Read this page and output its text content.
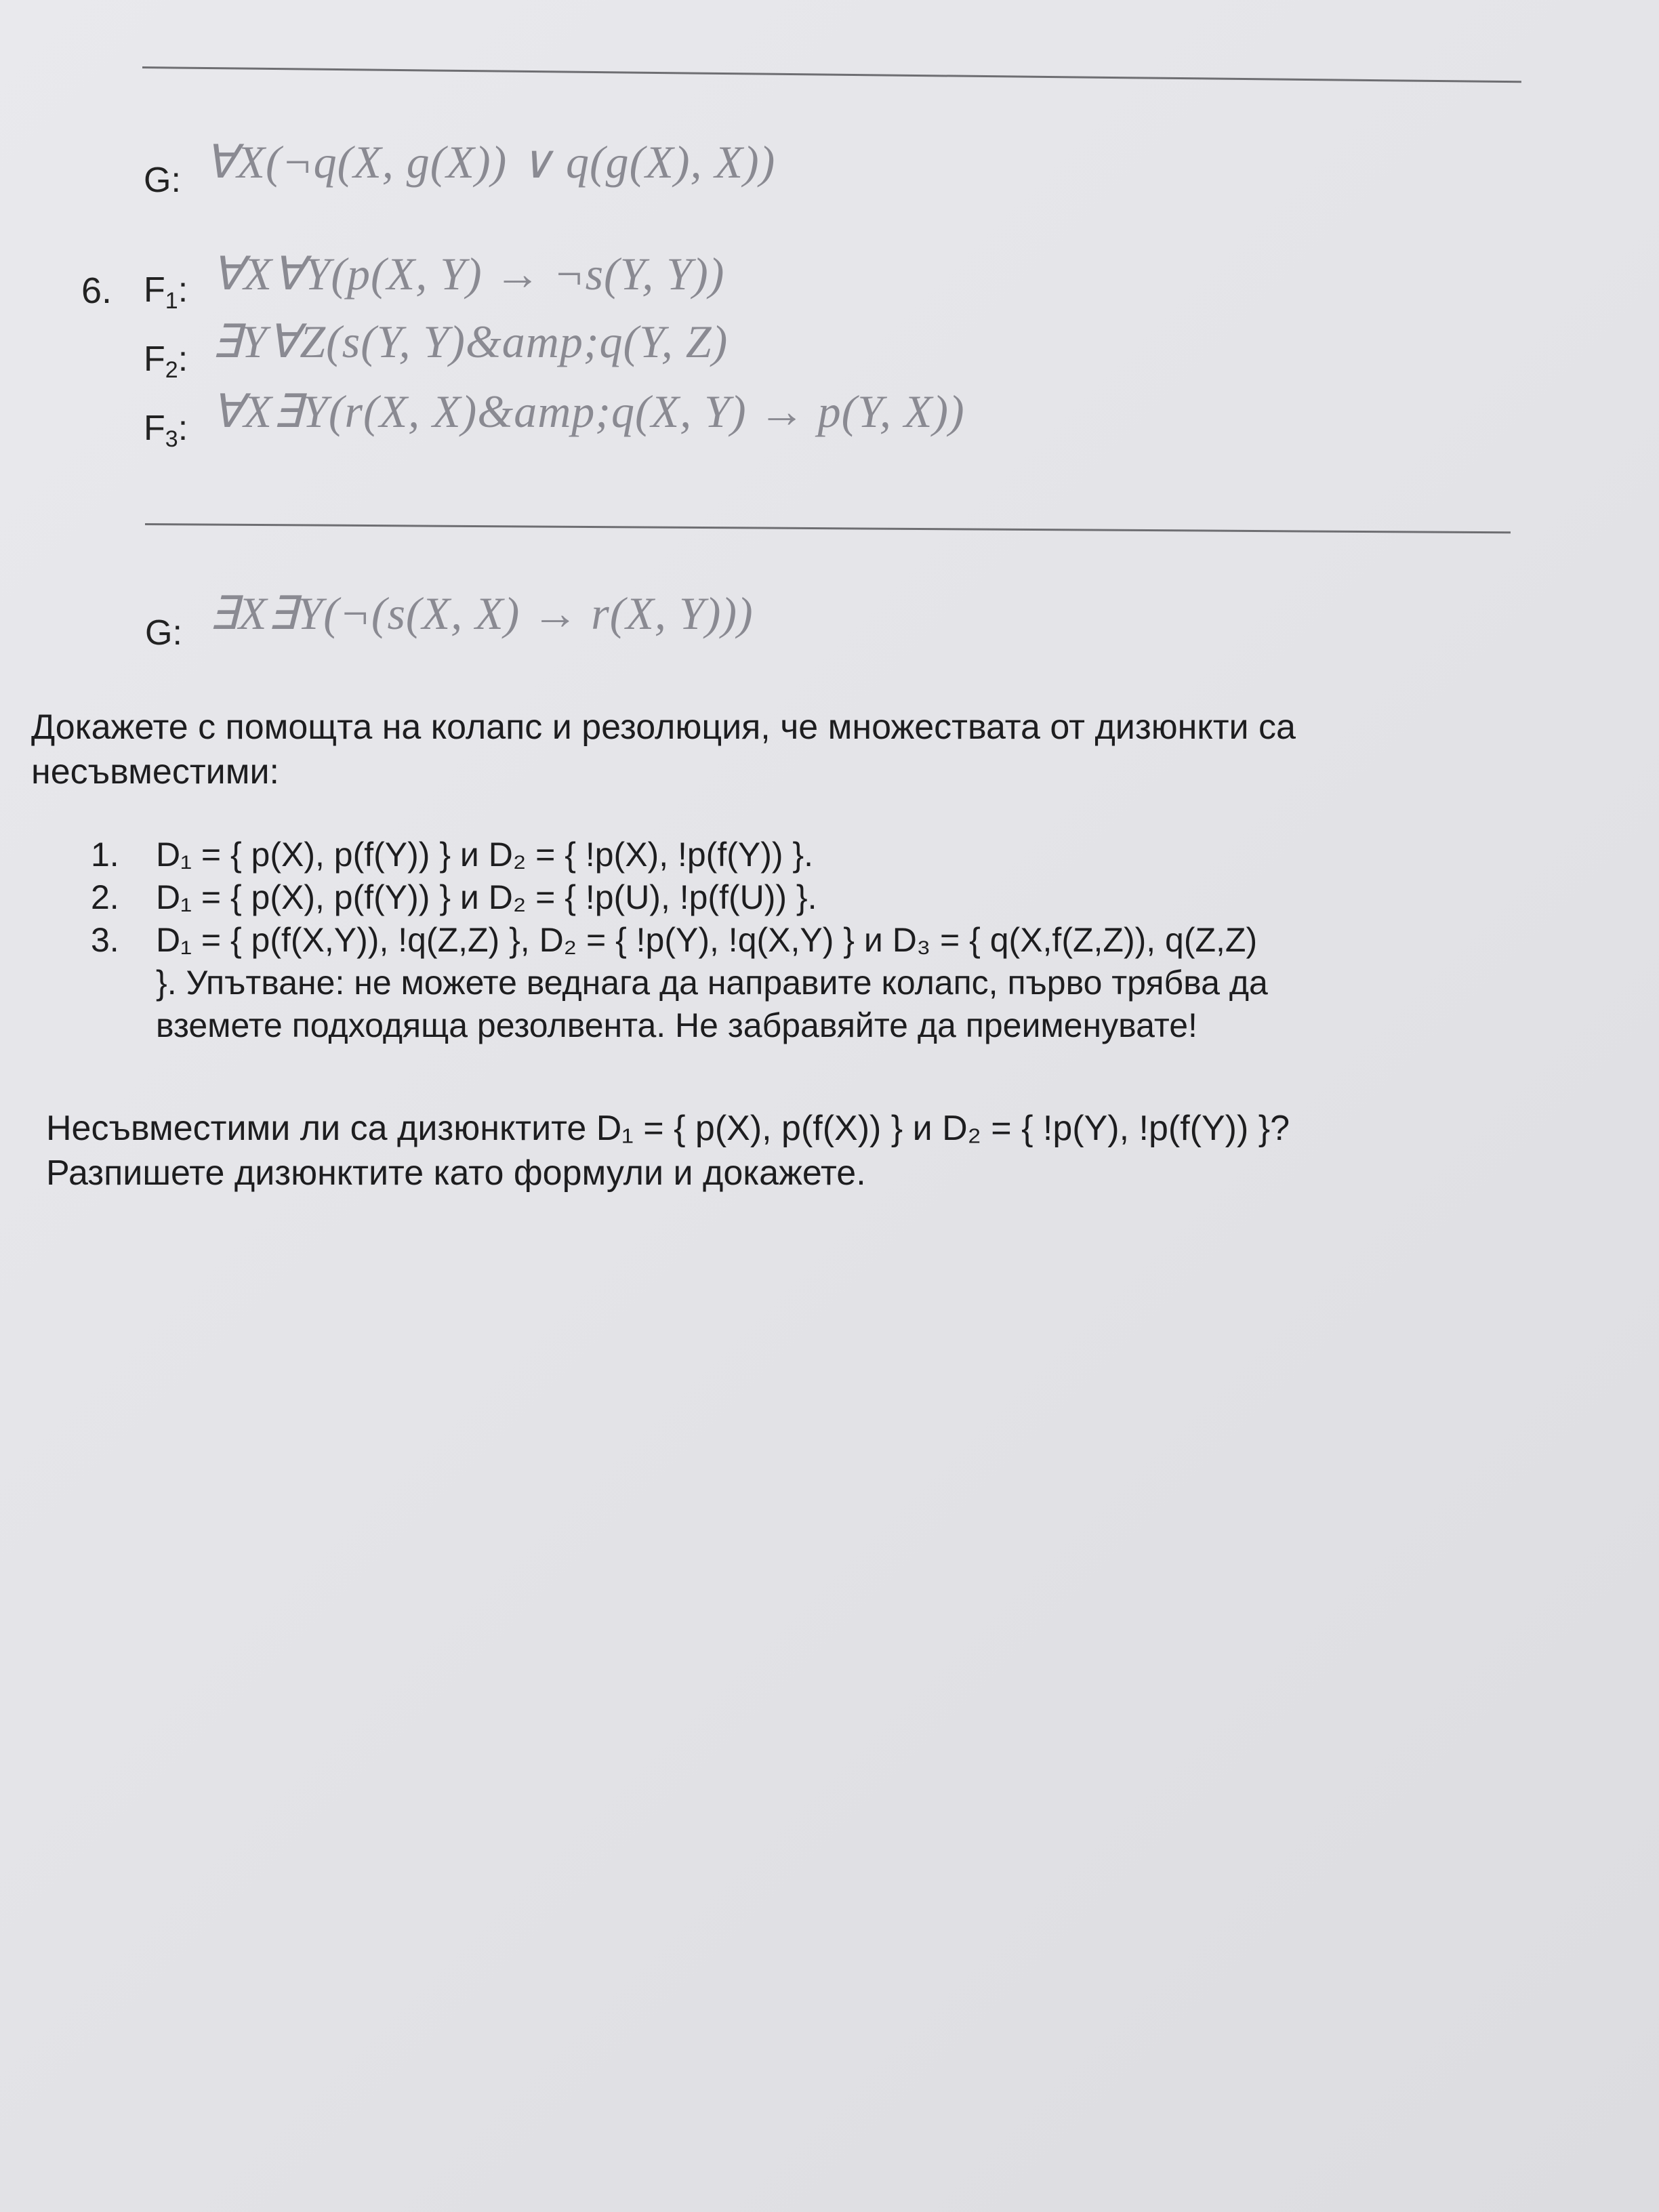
G: ∀X(¬q(X, g(X)) ∨ q(g(X), X))
6. $F_1$: ∀X∀Y(p(X, Y) → ¬s(Y, Y))
$F_2$: ∃Y∀Z(s(Y, Y)&amp;q(Y, Z)
$F_3$: ∀X∃Y(r(X, X)&amp;q(X, Y) → p(Y, X))
G: ∃X∃Y(¬(s(X, X) → r(X, Y)))
Докажете с помощта на колапс и резолюция, че множествата от дизюнкти са
несъвместими:
1. D₁ = { p(X), p(f(Y)) } и D₂ = { !p(X), !p(f(Y)) }.
2. D₁ = { p(X), p(f(Y)) } и D₂ = { !p(U), !p(f(U)) }.
3. D₁ = { p(f(X,Y)), !q(Z,Z) }, D₂ = { !p(Y), !q(X,Y) } и D₃ = { q(X,f(Z,Z)), q(Z,Z)
}. Упътване: не можете веднага да направите колапс, първо трябва да
вземете подходяща резолвента. Не забравяйте да преименувате!
Несъвместими ли са дизюнктите D₁ = { p(X), p(f(X)) } и D₂ = { !p(Y), !p(f(Y)) }?
Разпишете дизюнктите като формули и докажете.
